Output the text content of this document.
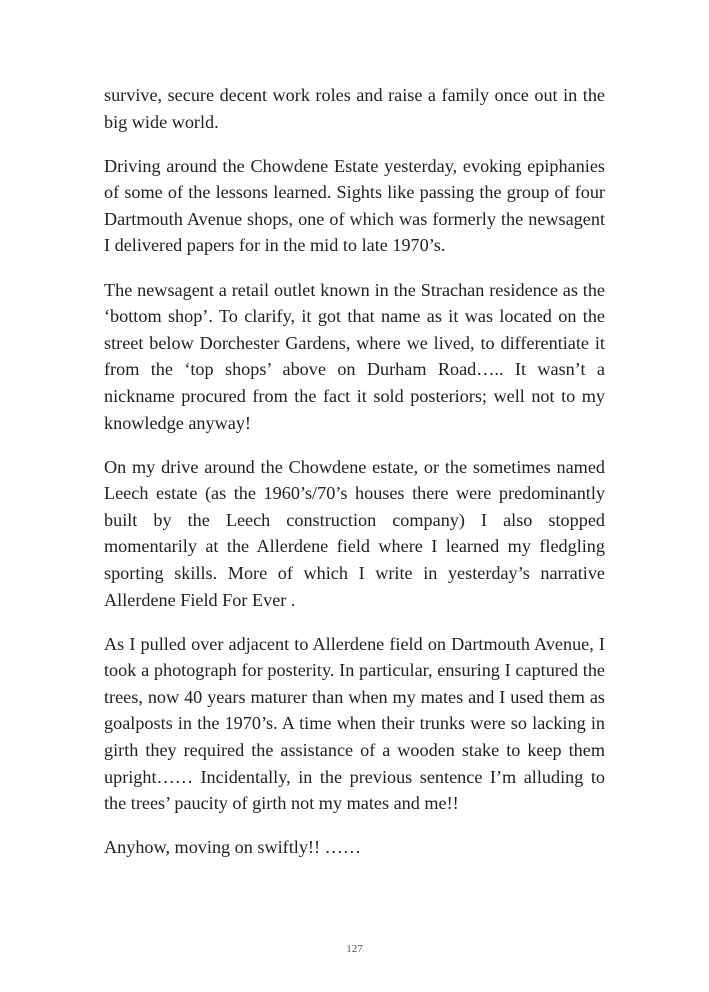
survive, secure decent work roles and raise a family once out in the big wide world.

Driving around the Chowdene Estate yesterday, evoking epiphanies of some of the lessons learned. Sights like passing the group of four Dartmouth Avenue shops, one of which was formerly the newsagent I delivered papers for in the mid to late 1970’s.

The newsagent a retail outlet known in the Strachan residence as the ‘bottom shop’. To clarify, it got that name as it was located on the street below Dorchester Gardens, where we lived, to differentiate it from the ‘top shops’ above on Durham Road….. It wasn’t a nickname procured from the fact it sold posteriors; well not to my knowledge anyway!

On my drive around the Chowdene estate, or the sometimes named Leech estate (as the 1960’s/70’s houses there were predominantly built by the Leech construction company) I also stopped momentarily at the Allerdene field where I learned my fledgling sporting skills. More of which I write in yesterday’s narrative Allerdene Field For Ever .

As I pulled over adjacent to Allerdene field on Dartmouth Avenue, I took a photograph for posterity. In particular, ensuring I captured the trees, now 40 years maturer than when my mates and I used them as goalposts in the 1970’s. A time when their trunks were so lacking in girth they required the assistance of a wooden stake to keep them upright…… Incidentally, in the previous sentence I’m alluding to the trees’ paucity of girth not my mates and me!!

Anyhow, moving on swiftly!! ……

127
